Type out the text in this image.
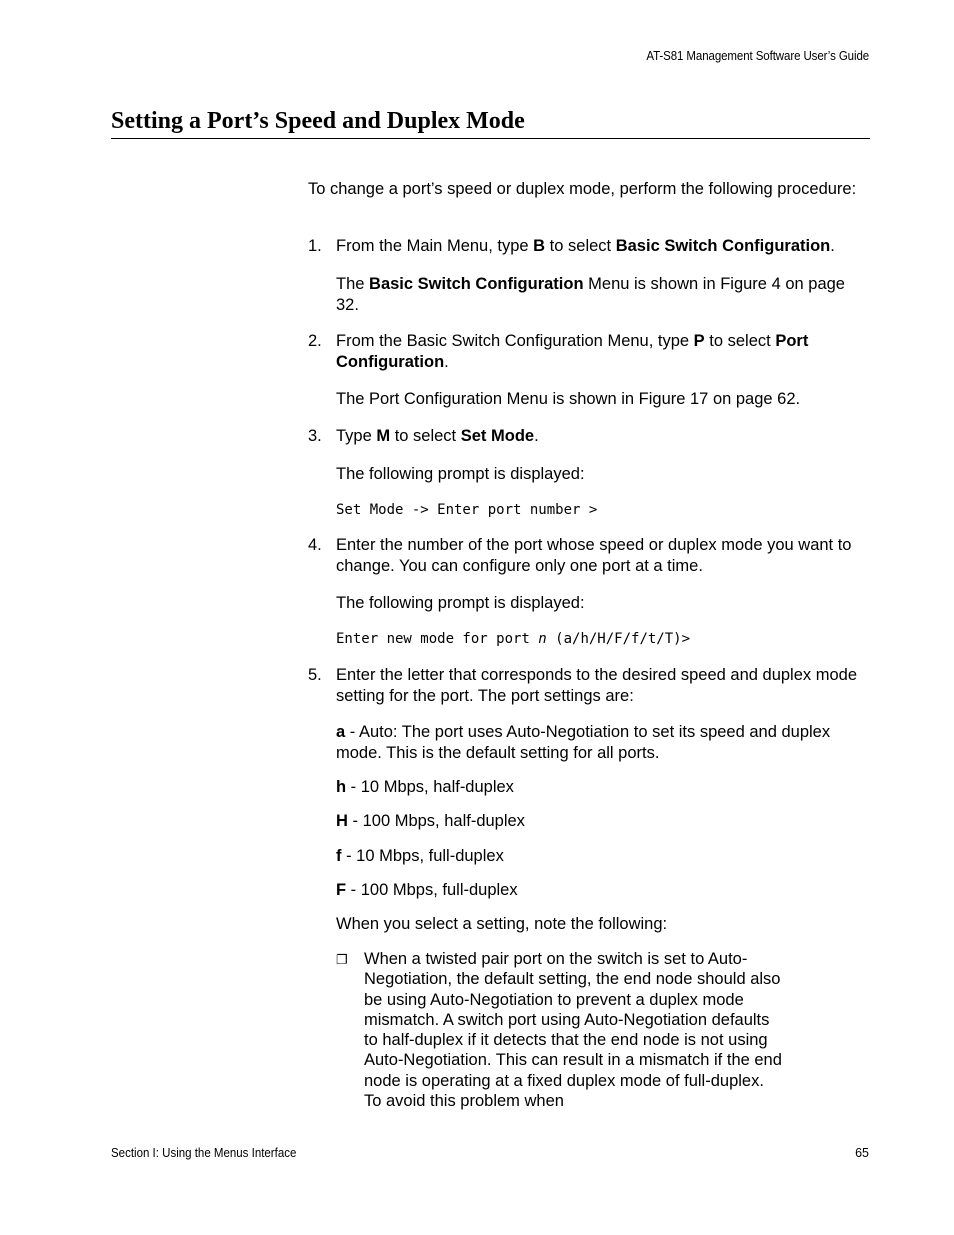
AT-S81 Management Software User’s Guide
Setting a Port’s Speed and Duplex Mode
To change a port’s speed or duplex mode, perform the following procedure:
1. From the Main Menu, type B to select Basic Switch Configuration.
The Basic Switch Configuration Menu is shown in Figure 4 on page 32.
2. From the Basic Switch Configuration Menu, type P to select Port Configuration.
The Port Configuration Menu is shown in Figure 17 on page 62.
3. Type M to select Set Mode.
The following prompt is displayed:
Set Mode -> Enter port number >
4. Enter the number of the port whose speed or duplex mode you want to change. You can configure only one port at a time.
The following prompt is displayed:
Enter new mode for port n (a/h/H/F/f/t/T)>
5. Enter the letter that corresponds to the desired speed and duplex mode setting for the port. The port settings are:
a - Auto: The port uses Auto-Negotiation to set its speed and duplex mode. This is the default setting for all ports.
h - 10 Mbps, half-duplex
H - 100 Mbps, half-duplex
f - 10 Mbps, full-duplex
F - 100 Mbps, full-duplex
When you select a setting, note the following:
❐ When a twisted pair port on the switch is set to Auto-Negotiation, the default setting, the end node should also be using Auto-Negotiation to prevent a duplex mode mismatch. A switch port using Auto-Negotiation defaults to half-duplex if it detects that the end node is not using Auto-Negotiation. This can result in a mismatch if the end node is operating at a fixed duplex mode of full-duplex. To avoid this problem when
Section I: Using the Menus Interface	65
